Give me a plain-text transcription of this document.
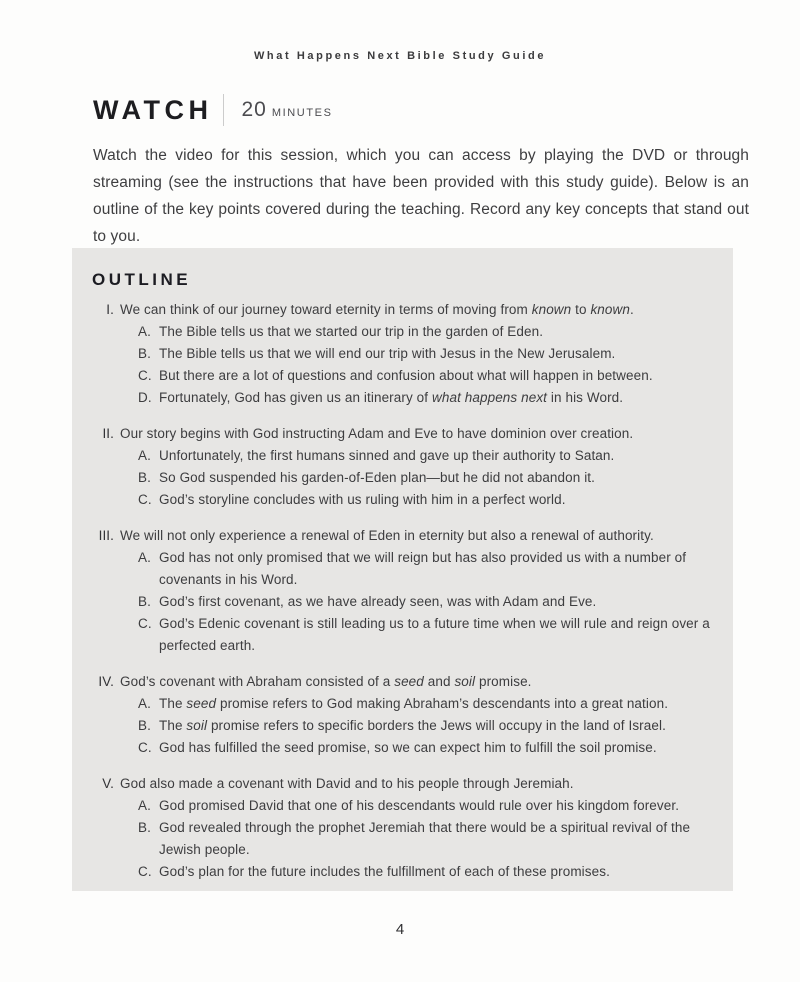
What Happens Next Bible Study Guide
WATCH 20 MINUTES

Watch the video for this session, which you can access by playing the DVD or through streaming (see the instructions that have been provided with this study guide). Below is an outline of the key points covered during the teaching. Record any key concepts that stand out to you.

OUTLINE
I. We can think of our journey toward eternity in terms of moving from known to known.
A. The Bible tells us that we started our trip in the garden of Eden.
B. The Bible tells us that we will end our trip with Jesus in the New Jerusalem.
C. But there are a lot of questions and confusion about what will happen in between.
D. Fortunately, God has given us an itinerary of what happens next in his Word.
II. Our story begins with God instructing Adam and Eve to have dominion over creation.
A. Unfortunately, the first humans sinned and gave up their authority to Satan.
B. So God suspended his garden-of-Eden plan—but he did not abandon it.
C. God’s storyline concludes with us ruling with him in a perfect world.
III. We will not only experience a renewal of Eden in eternity but also a renewal of authority.
A. God has not only promised that we will reign but has also provided us with a number of covenants in his Word.
B. God’s first covenant, as we have already seen, was with Adam and Eve.
C. God’s Edenic covenant is still leading us to a future time when we will rule and reign over a perfected earth.
IV. God’s covenant with Abraham consisted of a seed and soil promise.
A. The seed promise refers to God making Abraham’s descendants into a great nation.
B. The soil promise refers to specific borders the Jews will occupy in the land of Israel.
C. God has fulfilled the seed promise, so we can expect him to fulfill the soil promise.
V. God also made a covenant with David and to his people through Jeremiah.
A. God promised David that one of his descendants would rule over his kingdom forever.
B. God revealed through the prophet Jeremiah that there would be a spiritual revival of the Jewish people.
C. God’s plan for the future includes the fulfillment of each of these promises.
4
